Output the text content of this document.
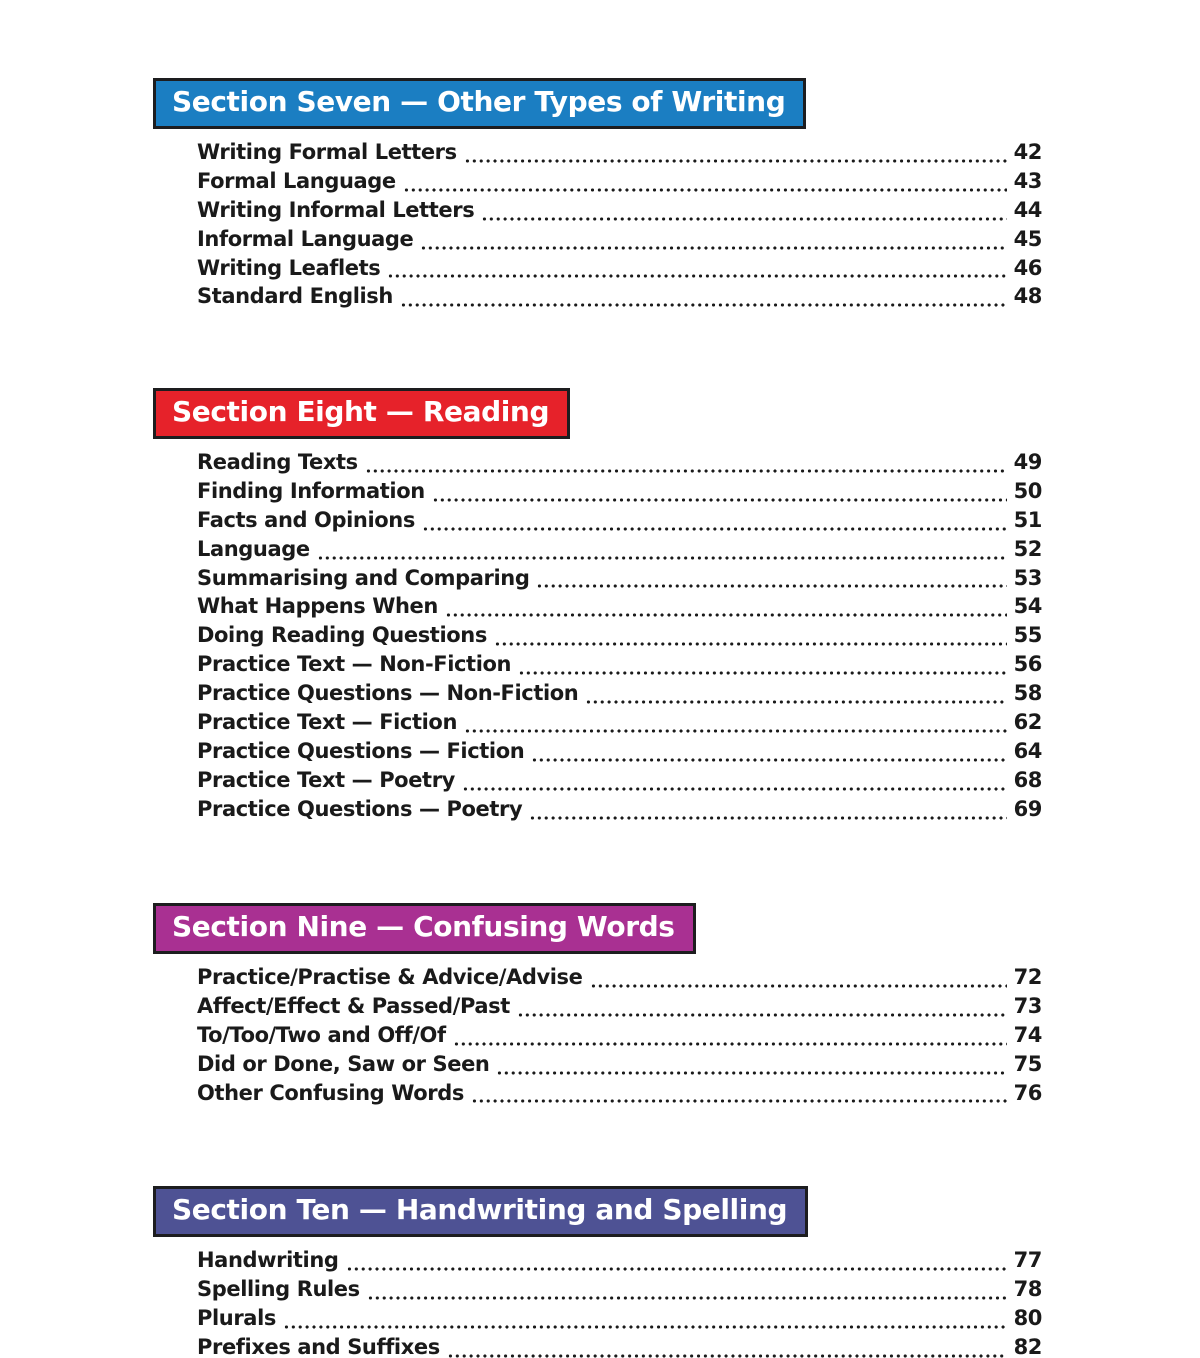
Section Seven — Other Types of Writing
Writing Formal Letters	42
Formal Language	43
Writing Informal Letters	44
Informal Language	45
Writing Leaflets	46
Standard English	48
Section Eight — Reading
Reading Texts	49
Finding Information	50
Facts and Opinions	51
Language	52
Summarising and Comparing	53
What Happens When	54
Doing Reading Questions	55
Practice Text — Non-Fiction	56
Practice Questions — Non-Fiction	58
Practice Text — Fiction	62
Practice Questions — Fiction	64
Practice Text — Poetry	68
Practice Questions — Poetry	69
Section Nine — Confusing Words
Practice/Practise & Advice/Advise	72
Affect/Effect & Passed/Past	73
To/Too/Two and Off/Of	74
Did or Done, Saw or Seen	75
Other Confusing Words	76
Section Ten — Handwriting and Spelling
Handwriting	77
Spelling Rules	78
Plurals	80
Prefixes and Suffixes	82
